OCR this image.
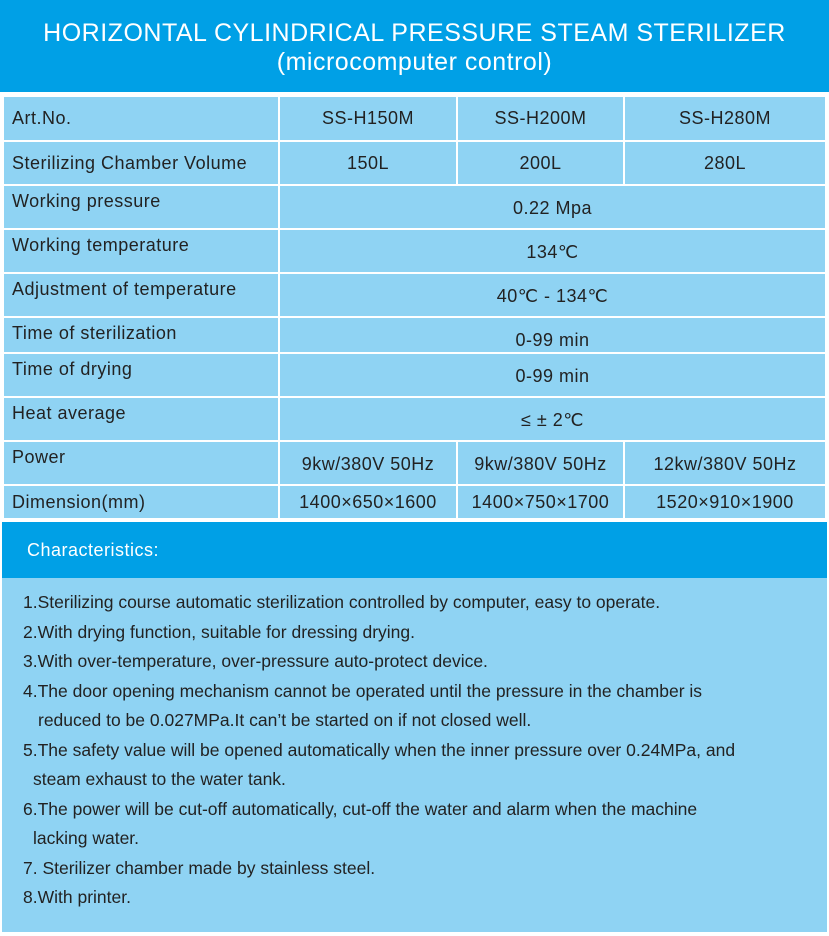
HORIZONTAL CYLINDRICAL PRESSURE STEAM STERILIZER
(microcomputer control)
Art.No.	SS-H150M	SS-H200M	SS-H280M
Sterilizing Chamber Volume	150L	200L	280L
Working pressure	0.22 Mpa		
Working temperature	134℃		
Adjustment of temperature	40℃ - 134℃		
Time of sterilization	0-99 min		
Time of drying	0-99 min		
Heat average	≤ ± 2℃		
Power	9kw/380V 50Hz	9kw/380V 50Hz	12kw/380V 50Hz
Dimension(mm)	1400×650×1600	1400×750×1700	1520×910×1900
Characteristics:
1.Sterilizing course automatic sterilization controlled by computer, easy to operate.
2.With drying function, suitable for dressing drying.
3.With over-temperature, over-pressure auto-protect device.
4.The door opening mechanism cannot be operated until the pressure in the chamber is
reduced to be 0.027MPa.It can’t be started on if not closed well.
5.The safety value will be opened automatically when the inner pressure over 0.24MPa, and
steam exhaust to the water tank.
6.The power will be cut-off automatically, cut-off the water and alarm when the machine
lacking water.
7. Sterilizer chamber made by stainless steel.
8.With printer.
